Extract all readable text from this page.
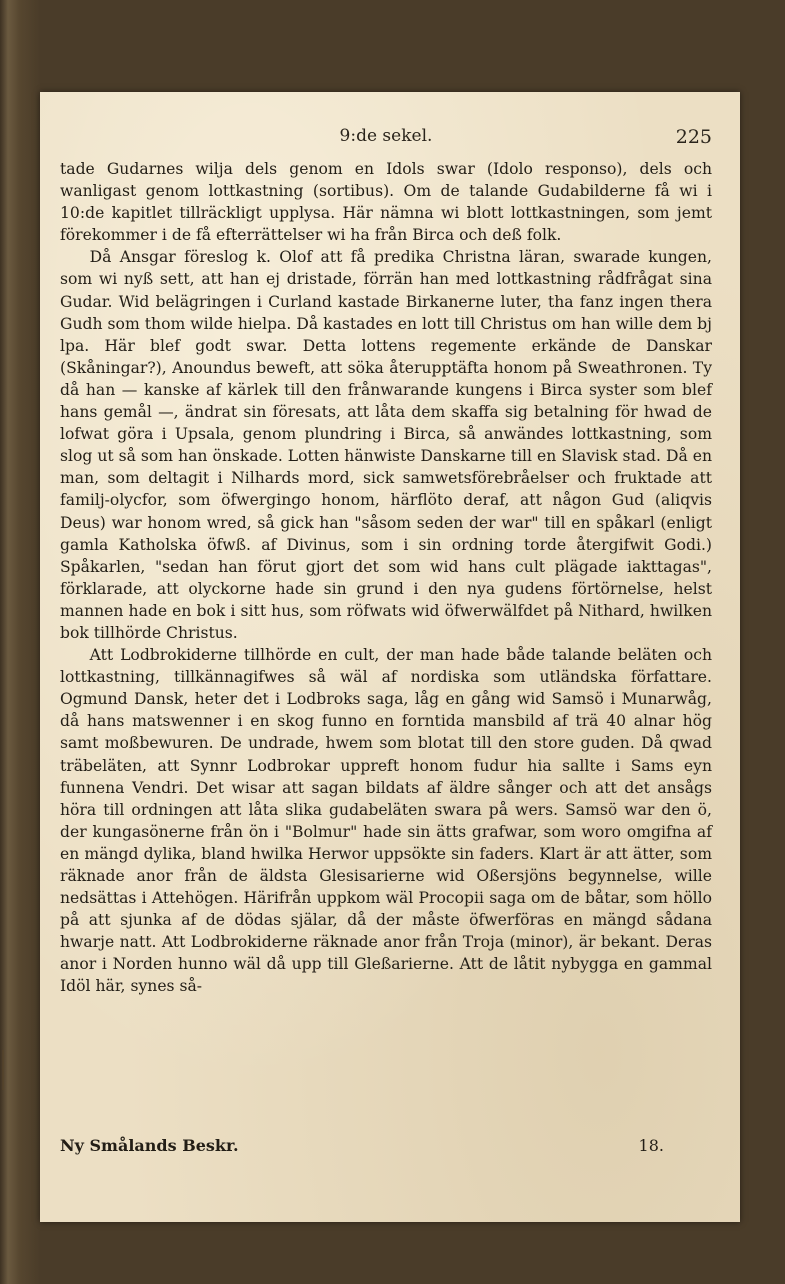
9:de sekel.	225

tade Gudarnes wilja dels genom en Idols swar (Idolo responso), dels och wanligast genom lottkastning (sortibus). Om de talande Gudabilderne få wi i 10:de kapitlet tillräckligt upplysa. Här nämna wi blott lottkastningen, som jemt förekommer i de få efterrättelser wi ha från Birca och deß folk.

Då Ansgar föreslog k. Olof att få predika Christna läran, swarade kungen, som wi nyß sett, att han ej dristade, förrän han med lottkastning rådfrågat sina Gudar. Wid belägringen i Curland kastade Birkanerne luter, tha fanz ingen thera Gudh som thom wilde hielpa. Då kastades en lott till Christus om han wille dem bj lpa. Här blef godt swar. Detta lottens regemente erkände de Danskar (Skåningar?), Anoundus beweft, att söka återupptäfta honom på Sweathronen. Ty då han — kanske af kärlek till den frånwarande kungens i Birca syster som blef hans gemål —, ändrat sin föresats, att låta dem skaffa sig betalning för hwad de lofwat göra i Upsala, genom plundring i Birca, så anwändes lottkastning, som slog ut så som han önskade. Lotten hänwiste Danskarne till en Slavisk stad. Då en man, som deltagit i Nilhards mord, sick samwetsförebråelser och fruktade att familj-olycfor, som öfwergingo honom, härflöto deraf, att någon Gud (aliqvis Deus) war honom wred, så gick han "såsom seden der war" till en spåkarl (enligt gamla Katholska öfwß. af Divinus, som i sin ordning torde återgifwit Godi.) Spåkarlen, "sedan han förut gjort det som wid hans cult plägade iakttagas", förklarade, att olyckorne hade sin grund i den nya gudens förtörnelse, helst mannen hade en bok i sitt hus, som röfwats wid öfwerwälfdet på Nithard, hwilken bok tillhörde Christus.

Att Lodbrokiderne tillhörde en cult, der man hade både talande beläten och lottkastning, tillkännagifwes så wäl af nordiska som utländska författare. Ogmund Dansk, heter det i Lodbroks saga, låg en gång wid Samsö i Munarwåg, då hans matswenner i en skog funno en forntida mansbild af trä 40 alnar hög samt moßbewuren. De undrade, hwem som blotat till den store guden. Då qwad träbeläten, att Synnr Lodbrokar uppreft honom fudur hia sallte i Sams eyn funnena Vendri. Det wisar att sagan bildats af äldre sånger och att det ansågs höra till ordningen att låta slika gudabeläten swara på wers. Samsö war den ö, der kungasönerne från ön i "Bolmur" hade sin ätts grafwar, som woro omgifna af en mängd dylika, bland hwilka Herwor uppsökte sin faders. Klart är att ätter, som räknade anor från de äldsta Glesisarierne wid Oßersjöns begynnelse, wille nedsättas i Attehögen. Härifrån uppkom wäl Procopii saga om de båtar, som höllo på att sjunka af de dödas själar, då der måste öfwerföras en mängd sådana hwarje natt. Att Lodbrokiderne räknade anor från Troja (minor), är bekant. Deras anor i Norden hunno wäl då upp till Gleßarierne. Att de låtit nybygga en gammal Idöl här, synes så-

Ny Smålands Beskr.	18.
